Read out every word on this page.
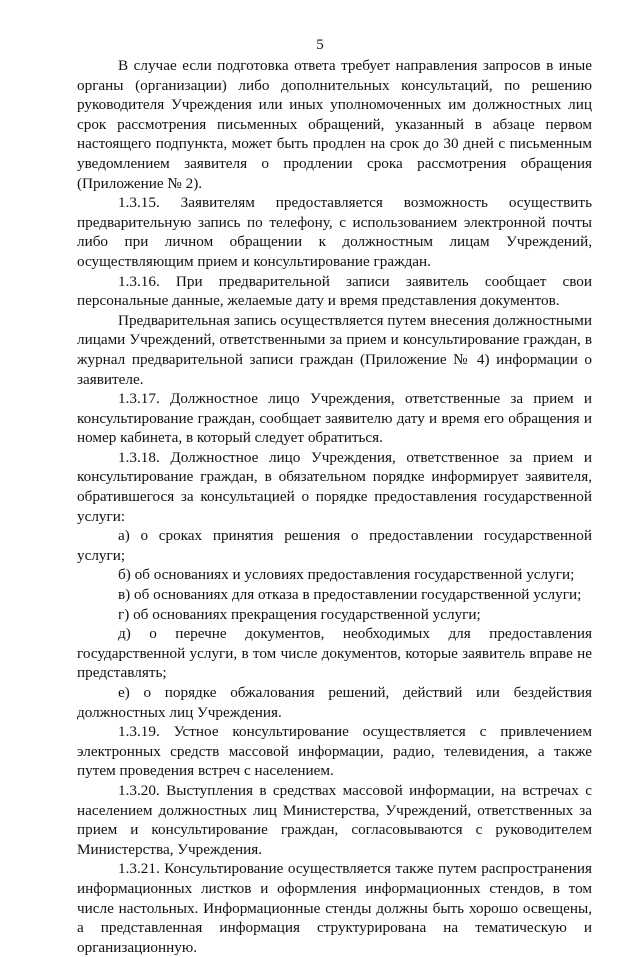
5

В случае если подготовка ответа требует направления запросов в иные органы (организации) либо дополнительных консультаций, по решению руководителя Учреждения или иных уполномоченных им должностных лиц срок рассмотрения письменных обращений, указанный в абзаце первом настоящего подпункта, может быть продлен на срок до 30 дней с письменным уведомлением заявителя о продлении срока рассмотрения обращения (Приложение № 2).

1.3.15. Заявителям предоставляется возможность осуществить предварительную запись по телефону, с использованием электронной почты либо при личном обращении к должностным лицам Учреждений, осуществляющим прием и консультирование граждан.

1.3.16. При предварительной записи заявитель сообщает свои персональные данные, желаемые дату и время представления документов.

Предварительная запись осуществляется путем внесения должностными лицами Учреждений, ответственными за прием и консультирование граждан, в журнал предварительной записи граждан (Приложение № 4) информации о заявителе.

1.3.17. Должностное лицо Учреждения, ответственные за прием и консультирование граждан, сообщает заявителю дату и время его обращения и номер кабинета, в который следует обратиться.

1.3.18. Должностное лицо Учреждения, ответственное за прием и консультирование граждан, в обязательном порядке информирует заявителя, обратившегося за консультацией о порядке предоставления государственной услуги:

а) о сроках принятия решения о предоставлении государственной услуги;

б) об основаниях и условиях предоставления государственной услуги;

в) об основаниях для отказа в предоставлении государственной услуги;

г) об основаниях прекращения государственной услуги;

д) о перечне документов, необходимых для предоставления государственной услуги, в том числе документов, которые заявитель вправе не представлять;

е) о порядке обжалования решений, действий или бездействия должностных лиц Учреждения.

1.3.19. Устное консультирование осуществляется с привлечением электронных средств массовой информации, радио, телевидения, а также путем проведения встреч с населением.

1.3.20. Выступления в средствах массовой информации, на встречах с населением должностных лиц Министерства, Учреждений, ответственных за прием и консультирование граждан, согласовываются с руководителем Министерства, Учреждения.

1.3.21. Консультирование осуществляется также путем распространения информационных листков и оформления информационных стендов, в том числе настольных. Информационные стенды должны быть хорошо освещены, а представленная информация структурирована на тематическую и организационную.
